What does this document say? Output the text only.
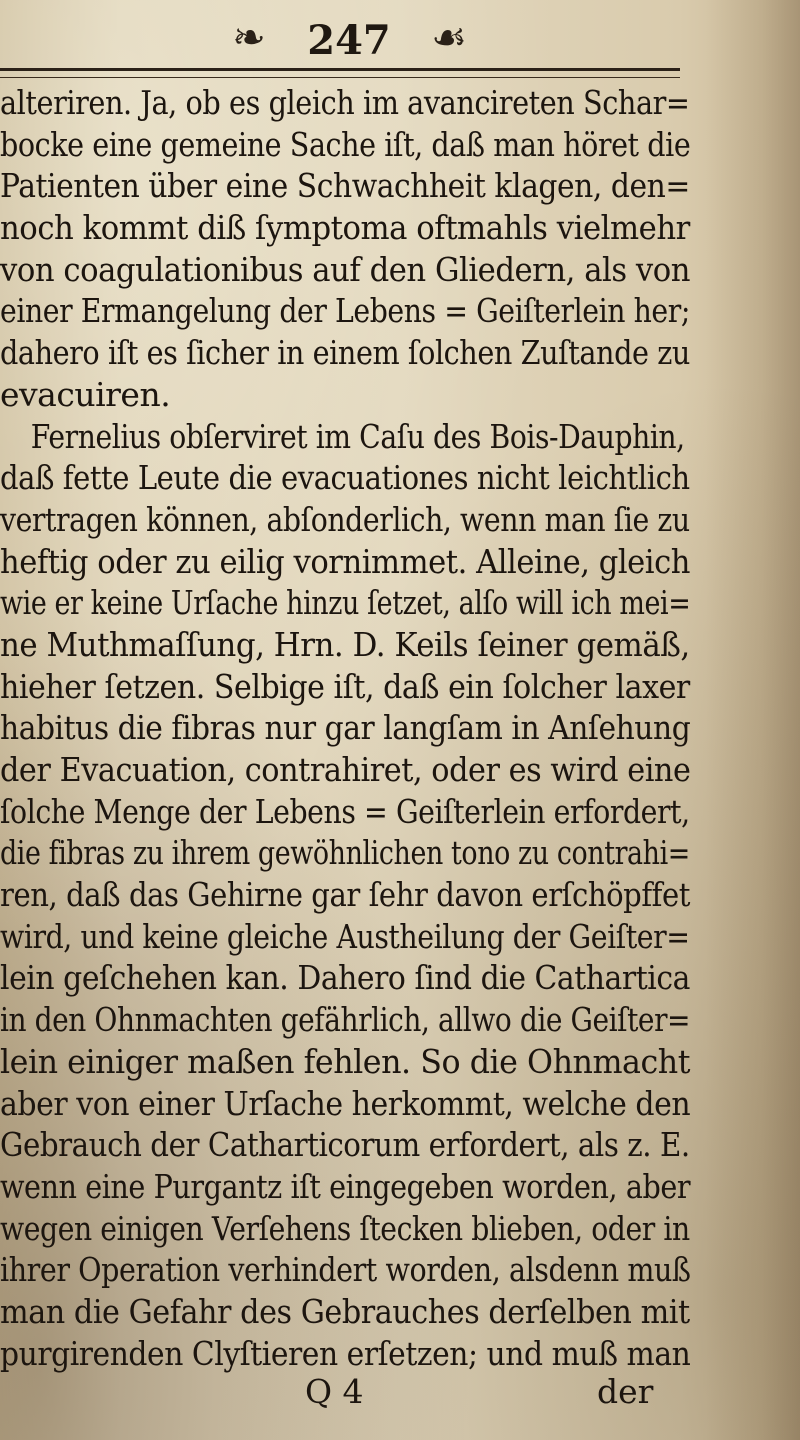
❧	247	☙
alteriren. Ja, ob es gleich im avancireten Schar=
bocke eine gemeine Sache iſt, daß man höret die
Patienten über eine Schwachheit klagen, den=
noch kommt diß ſymptoma oftmahls vielmehr
von coagulationibus auf den Gliedern, als von
einer Ermangelung der Lebens = Geiſterlein her;
dahero iſt es ſicher in einem ſolchen Zuſtande zu
evacuiren.
Fernelius obſerviret im Caſu des Bois-Dauphin,
daß fette Leute die evacuationes nicht leichtlich
vertragen können, abſonderlich, wenn man ſie zu
heftig oder zu eilig vornimmet. Alleine, gleich
wie er keine Urſache hinzu ſetzet, alſo will ich mei=
ne Muthmaſſung, Hrn. D. Keils ſeiner gemäß,
hieher ſetzen. Selbige iſt, daß ein ſolcher laxer
habitus die fibras nur gar langſam in Anſehung
der Evacuation, contrahiret, oder es wird eine
ſolche Menge der Lebens = Geiſterlein erfordert,
die fibras zu ihrem gewöhnlichen tono zu contrahi=
ren, daß das Gehirne gar ſehr davon erſchöpffet
wird, und keine gleiche Austheilung der Geiſter=
lein geſchehen kan. Dahero ſind die Cathartica
in den Ohnmachten gefährlich, allwo die Geiſter=
lein einiger maßen fehlen. So die Ohnmacht
aber von einer Urſache herkommt, welche den
Gebrauch der Catharticorum erfordert, als z. E.
wenn eine Purgantz iſt eingegeben worden, aber
wegen einigen Verſehens ſtecken blieben, oder in
ihrer Operation verhindert worden, alsdenn muß
man die Gefahr des Gebrauches derſelben mit
purgirenden Clyſtieren erſetzen; und muß man
Q 4	der
